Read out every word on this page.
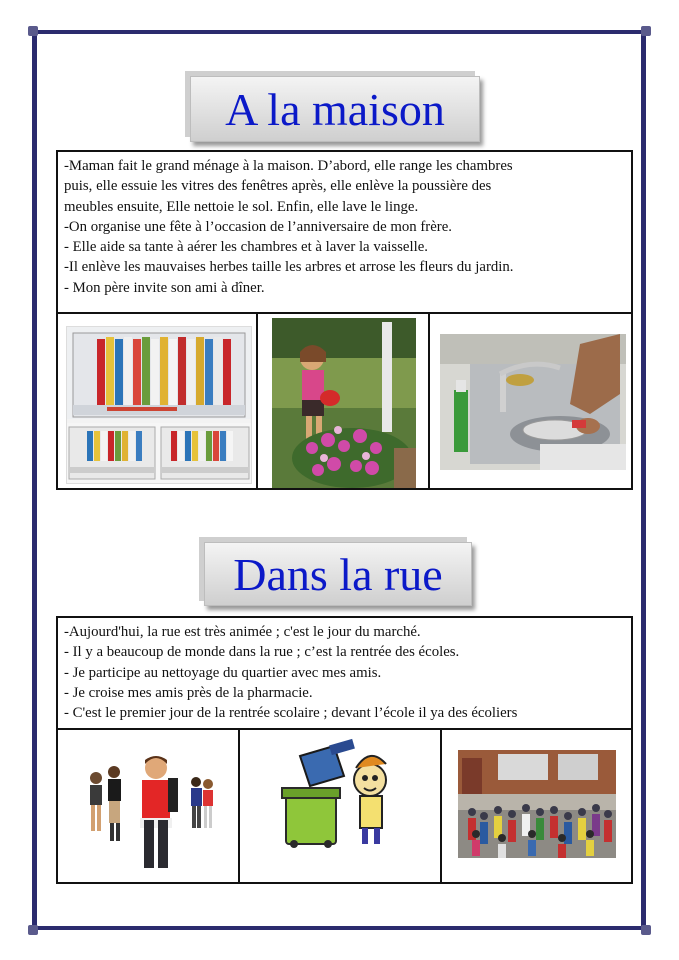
A la maison
-Maman fait le grand ménage à la maison. D’abord, elle range les chambres
puis, elle essuie les vitres des fenêtres après, elle enlève la poussière des
meubles ensuite, Elle nettoie le sol. Enfin, elle lave le linge.
-On organise une fête à l’occasion de l’anniversaire de mon frère.
- Elle aide sa tante à aérer les chambres et à laver la vaisselle.
-Il enlève les mauvaises herbes taille les arbres et arrose les fleurs du jardin.
- Mon père invite son ami à dîner.
Dans la rue
-Aujourd'hui, la rue est très animée ; c'est le jour du marché.
- Il y a beaucoup de monde dans la rue ; c’est la rentrée des écoles.
- Je participe au nettoyage du quartier avec mes amis.
- Je croise mes amis près de la pharmacie.
- C'est le premier jour de la rentrée scolaire ; devant l’école il ya des écoliers
